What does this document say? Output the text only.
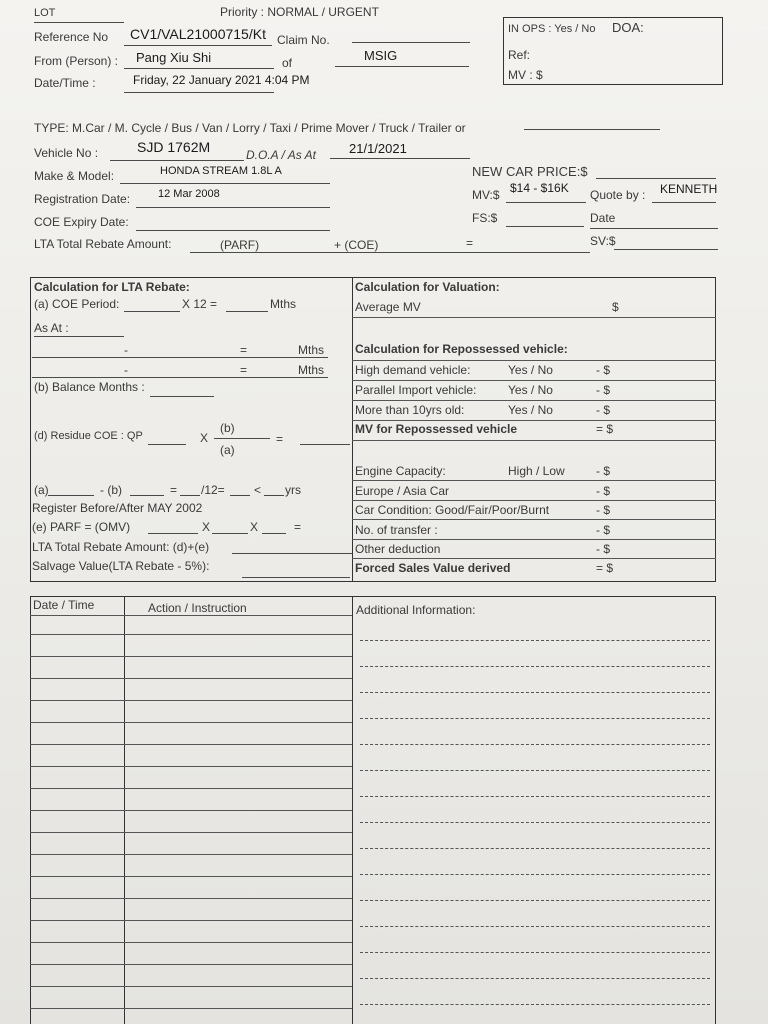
LOT	Priority : NORMAL / URGENT
Reference No CV1/VAL21000715/Kt Claim No.
From (Person) : Pang Xiu Shi	of	MSIG
Date/Time :	Friday, 22 January 2021 4:04 PM
IN OPS : Yes / No DOA:
Ref:
MV : $
TYPE: M.Car / M. Cycle / Bus / Van / Lorry / Taxi / Prime Mover / Truck / Trailer or
Vehicle No :	SJD 1762M	D.O.A / As At	21/1/2021
Make & Model:	HONDA STREAM 1.8L A
Registration Date:	12 Mar 2008
COE Expiry Date:
LTA Total Rebate Amount:	(PARF)	+ (COE)	=
NEW CAR PRICE:$
MV:$ $14 - $16K Quote by : KENNETH
FS:$	Date
SV:$
Calculation for LTA Rebate:
(a) COE Period:	X 12 =	Mths
As At :
-	=	Mths
-	=	Mths
(b) Balance Months :
(d) Residue COE : QP	X
(b)
(a)
=
(a)	- (b)	= /12= < yrs
Register Before/After MAY 2002
(e) PARF = (OMV)	X	X	=
LTA Total Rebate Amount: (d)+(e)
Salvage Value(LTA Rebate - 5%):
Calculation for Valuation:
Average MV	$
Calculation for Repossessed vehicle:
High demand vehicle:	Yes / No	- $
Parallel Import vehicle:	Yes / No	- $
More than 10yrs old:	Yes / No	- $
MV for Repossessed vehicle	= $
Engine Capacity:	High / Low	- $
Europe / Asia Car	- $
Car Condition: Good/Fair/Poor/Burnt	- $
No. of transfer :	- $
Other deduction	- $
Forced Sales Value derived	= $
Date / Time	Action / Instruction	Additional Information:
